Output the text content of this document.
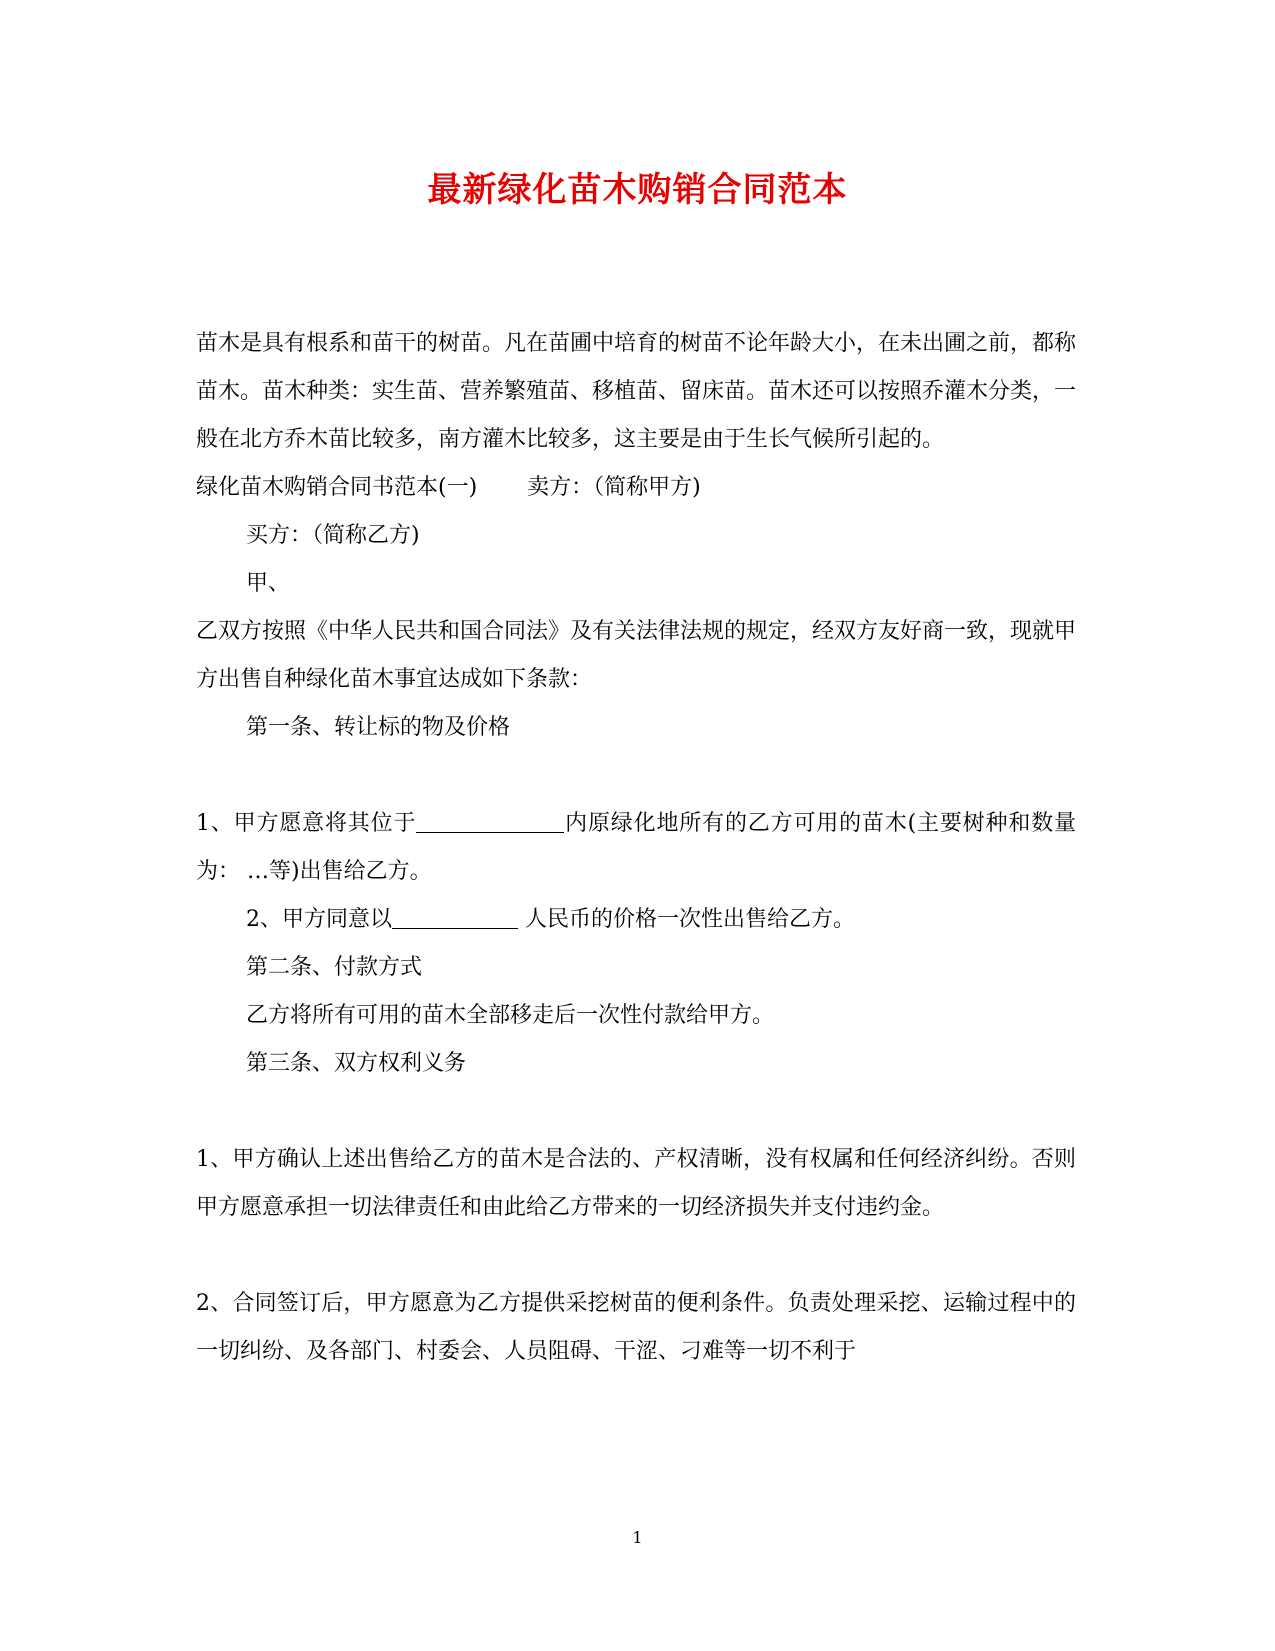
最新绿化苗木购销合同范本

苗木是具有根系和苗干的树苗。凡在苗圃中培育的树苗不论年龄大小，在未出圃之前，都称苗木。苗木种类：实生苗、营养繁殖苗、移植苗、留床苗。苗木还可以按照乔灌木分类，一般在北方乔木苗比较多，南方灌木比较多，这主要是由于生长气候所引起的。

绿化苗木购销合同书范本(一) 卖方：（简称甲方)

买方：（简称乙方)

甲、

乙双方按照《中华人民共和国合同法》及有关法律法规的规定，经双方友好商一致，现就甲方出售自种绿化苗木事宜达成如下条款：

第一条、转让标的物及价格

1、甲方愿意将其位于	内原绿化地所有的乙方可用的苗木(主要树种和数量为： …等)出售给乙方。

2、甲方同意以	人民币的价格一次性出售给乙方。

第二条、付款方式

乙方将所有可用的苗木全部移走后一次性付款给甲方。

第三条、双方权利义务

1、甲方确认上述出售给乙方的苗木是合法的、产权清晰，没有权属和任何经济纠纷。否则甲方愿意承担一切法律责任和由此给乙方带来的一切经济损失并支付违约金。

2、合同签订后，甲方愿意为乙方提供采挖树苗的便利条件。负责处理采挖、运输过程中的一切纠纷、及各部门、村委会、人员阻碍、干涩、刁难等一切不利于

1
